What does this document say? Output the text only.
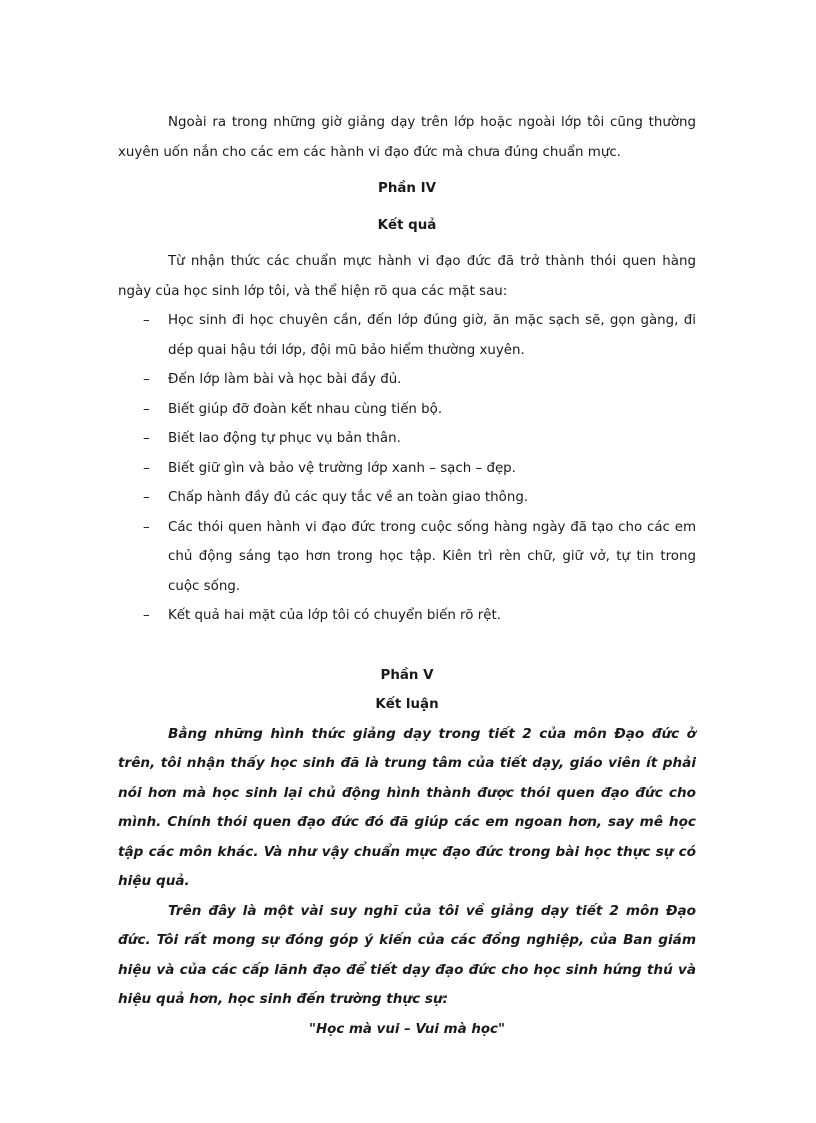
Ngoài ra trong những giờ giảng dạy trên lớp hoặc ngoài lớp tôi cũng thường xuyên uốn nắn cho các em các hành vi đạo đức mà chưa đúng chuẩn mực.

Phần IV

Kết quả

Từ nhận thức các chuẩn mực hành vi đạo đức đã trở thành thói quen hàng ngày của học sinh lớp tôi, và thể hiện rõ qua các mặt sau:

– Học sinh đi học chuyên cần, đến lớp đúng giờ, ăn mặc sạch sẽ, gọn gàng, đi dép quai hậu tới lớp, đội mũ bảo hiểm thường xuyên.
– Đến lớp làm bài và học bài đầy đủ.
– Biết giúp đỡ đoàn kết nhau cùng tiến bộ.
– Biết lao động tự phục vụ bản thân.
– Biết giữ gìn và bảo vệ trường lớp xanh – sạch – đẹp.
– Chấp hành đầy đủ các quy tắc về an toàn giao thông.
– Các thói quen hành vi đạo đức trong cuộc sống hàng ngày đã tạo cho các em chủ động sáng tạo hơn trong học tập. Kiên trì rèn chữ, giữ vở, tự tin trong cuộc sống.
– Kết quả hai mặt của lớp tôi có chuyển biến rõ rệt.

Phần V

Kết luận

Bằng những hình thức giảng dạy trong tiết 2 của môn Đạo đức ở trên, tôi nhận thấy học sinh đã là trung tâm của tiết dạy, giáo viên ít phải nói hơn mà học sinh lại chủ động hình thành được thói quen đạo đức cho mình. Chính thói quen đạo đức đó đã giúp các em ngoan hơn, say mê học tập các môn khác. Và như vậy chuẩn mực đạo đức trong bài học thực sự có hiệu quả.

Trên đây là một vài suy nghĩ của tôi về giảng dạy tiết 2 môn Đạo đức. Tôi rất mong sự đóng góp ý kiến của các đồng nghiệp, của Ban giám hiệu và của các cấp lãnh đạo để tiết dạy đạo đức cho học sinh hứng thú và hiệu quả hơn, học sinh đến trường thực sự:

"Học mà vui – Vui mà học"
